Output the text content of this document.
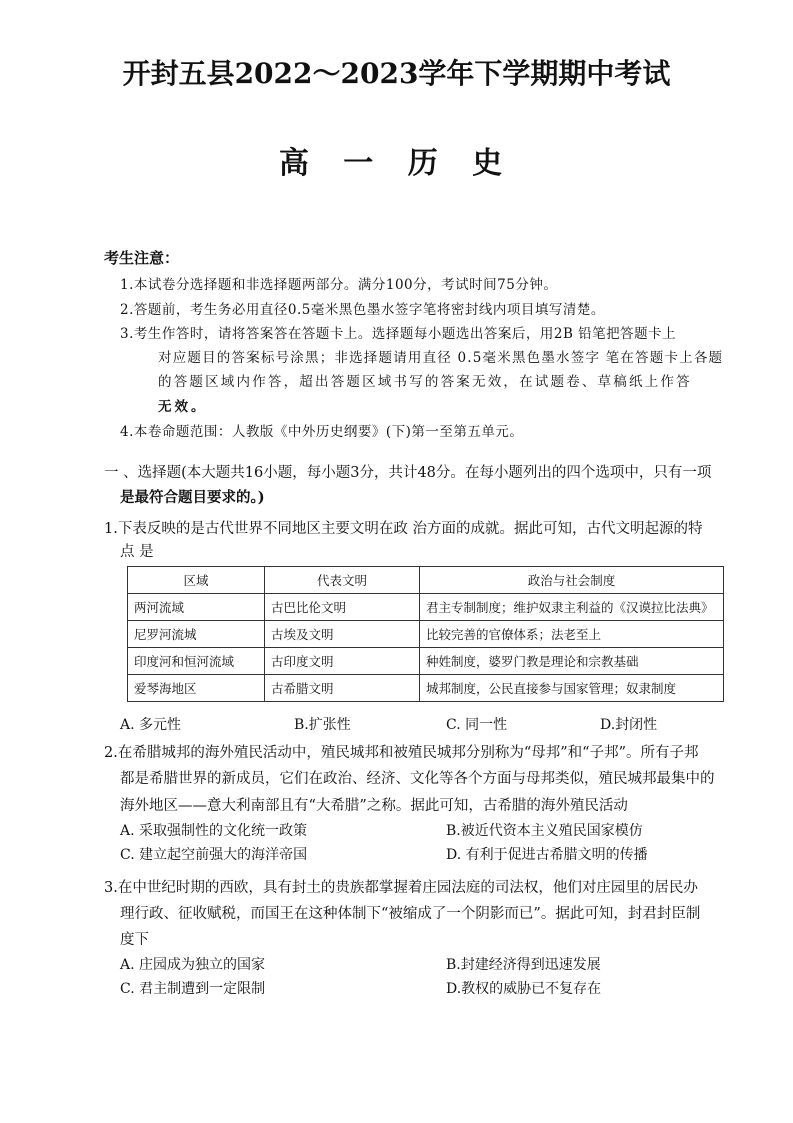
开封五县2022～2023学年下学期期中考试
高 一 历 史
考生注意：
1.本试卷分选择题和非选择题两部分。满分100分，考试时间75分钟。
2.答题前，考生务必用直径0.5毫米黑色墨水签字笔将密封线内项目填写清楚。
3.考生作答时，请将答案答在答题卡上。选择题每小题选出答案后，用2B 铅笔把答题卡上
对应题目的答案标号涂黑；非选择题请用直径 0.5毫米黑色墨水签字 笔在答题卡上各题
的答题区域内作答，超出答题区域书写的答案无效，在试题卷、草稿纸上作答
无效。
4.本卷命题范围：人教版《中外历史纲要》(下)第一至第五单元。
一 、选择题(本大题共16小题，每小题3分，共计48分。在每小题列出的四个选项中，只有一项
是最符合题目要求的。)
1.下表反映的是古代世界不同地区主要文明在政 治方面的成就。据此可知，古代文明起源的特
点 是
区域	代表文明	政治与社会制度
两河流域	古巴比伦文明	君主专制制度；维护奴隶主利益的《汉谟拉比法典》
尼罗河流城	古埃及文明	比较完善的官僚体系；法老至上
印度河和恒河流域	古印度文明	种姓制度，婆罗门教是理论和宗教基础
爱琴海地区	古希腊文明	城邦制度，公民直接参与国家管理；奴隶制度
A. 多元性	B.扩张性	C. 同一性	D.封闭性
2.在希腊城邦的海外殖民活动中，殖民城邦和被殖民城邦分别称为“母邦”和“子邦”。所有子邦
都是希腊世界的新成员，它们在政治、经济、文化等各个方面与母邦类似，殖民城邦最集中的
海外地区——意大利南部且有“大希腊”之称。据此可知，古希腊的海外殖民活动
A. 采取强制性的文化统一政策	B.被近代资本主义殖民国家模仿
C. 建立起空前强大的海洋帝国	D. 有利于促进古希腊文明的传播
3.在中世纪时期的西欧，具有封土的贵族都掌握着庄园法庭的司法权，他们对庄园里的居民办
理行政、征收赋税，而国王在这种体制下“被缩成了一个阴影而已”。据此可知，封君封臣制
度下
A. 庄园成为独立的国家	B.封建经济得到迅速发展
C. 君主制遭到一定限制	D.教权的威胁已不复存在
